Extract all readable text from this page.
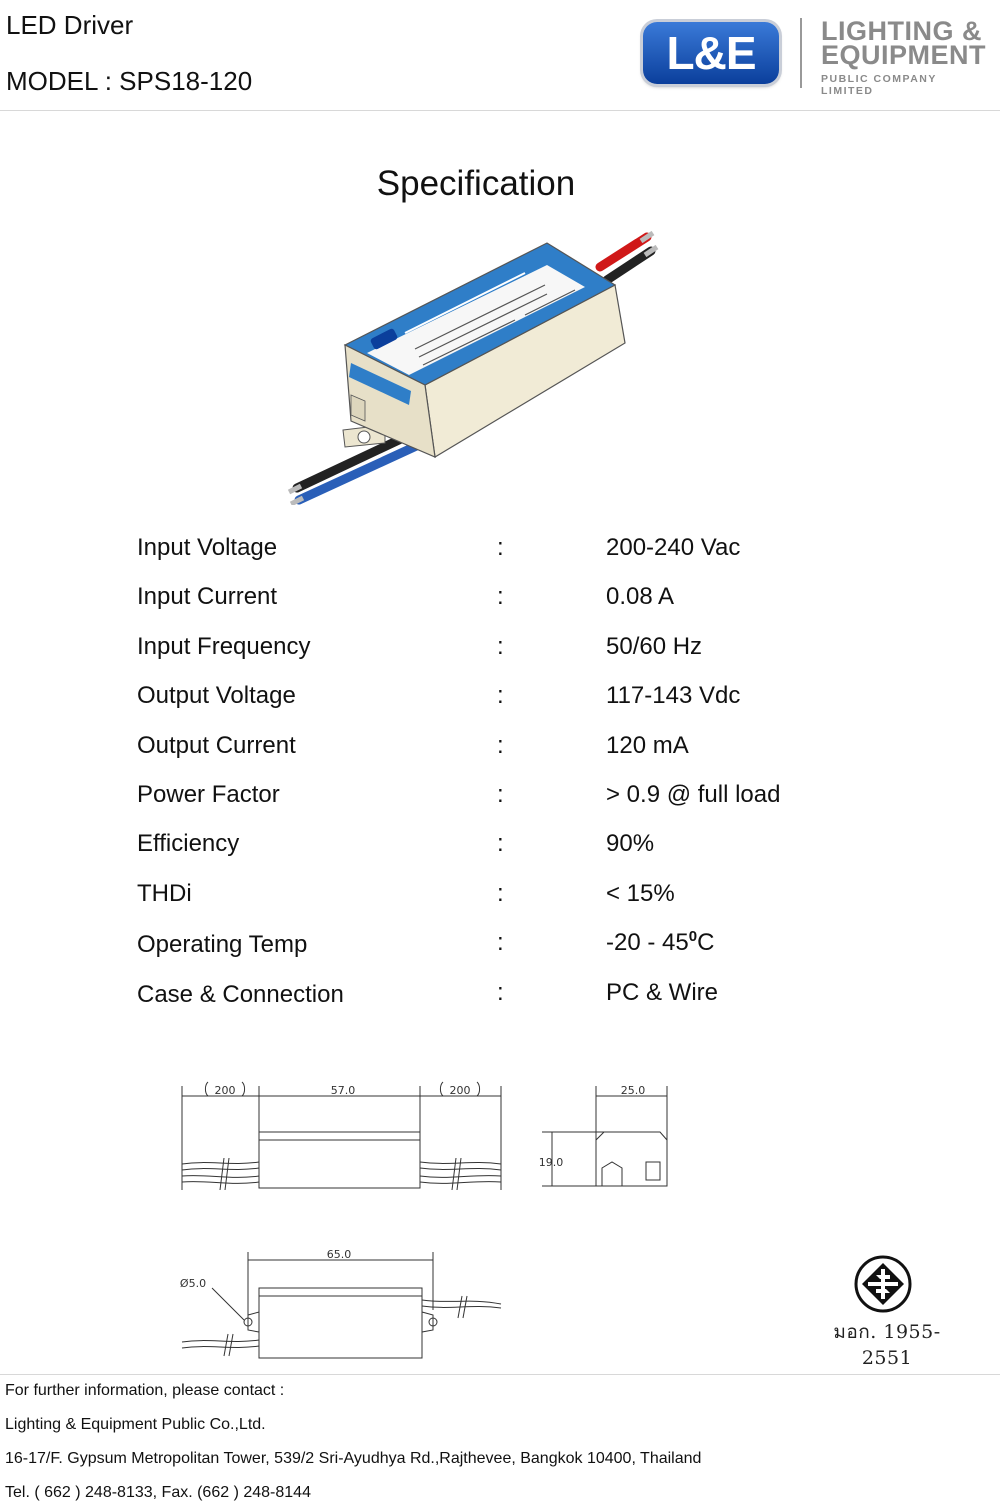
LED Driver
MODEL : SPS18-120
L&E	LIGHTING &
EQUIPMENT
PUBLIC COMPANY LIMITED
Specification
Input Voltage	:	200-240 Vac
Input Current	:	0.08 A
Input Frequency	:	50/60 Hz
Output Voltage	:	117-143 Vdc
Output Current	:	120 mA
Power Factor	:	> 0.9 @ full load
Efficiency	:	90%
THDi	:	< 15%
Operating Temp	:	$-20 - 45^0C$
Case & Connection	:	PC & Wire
200	57.0	200	25.0
19.0
65.0
Ø5.0
มอก. 1955-2551
For further information, please contact :
Lighting & Equipment Public Co.,Ltd.
16-17/F. Gypsum Metropolitan Tower, 539/2 Sri-Ayudhya Rd.,Rajthevee, Bangkok 10400, Thailand
Tel. ( 662 ) 248-8133, Fax. (662 ) 248-8144
